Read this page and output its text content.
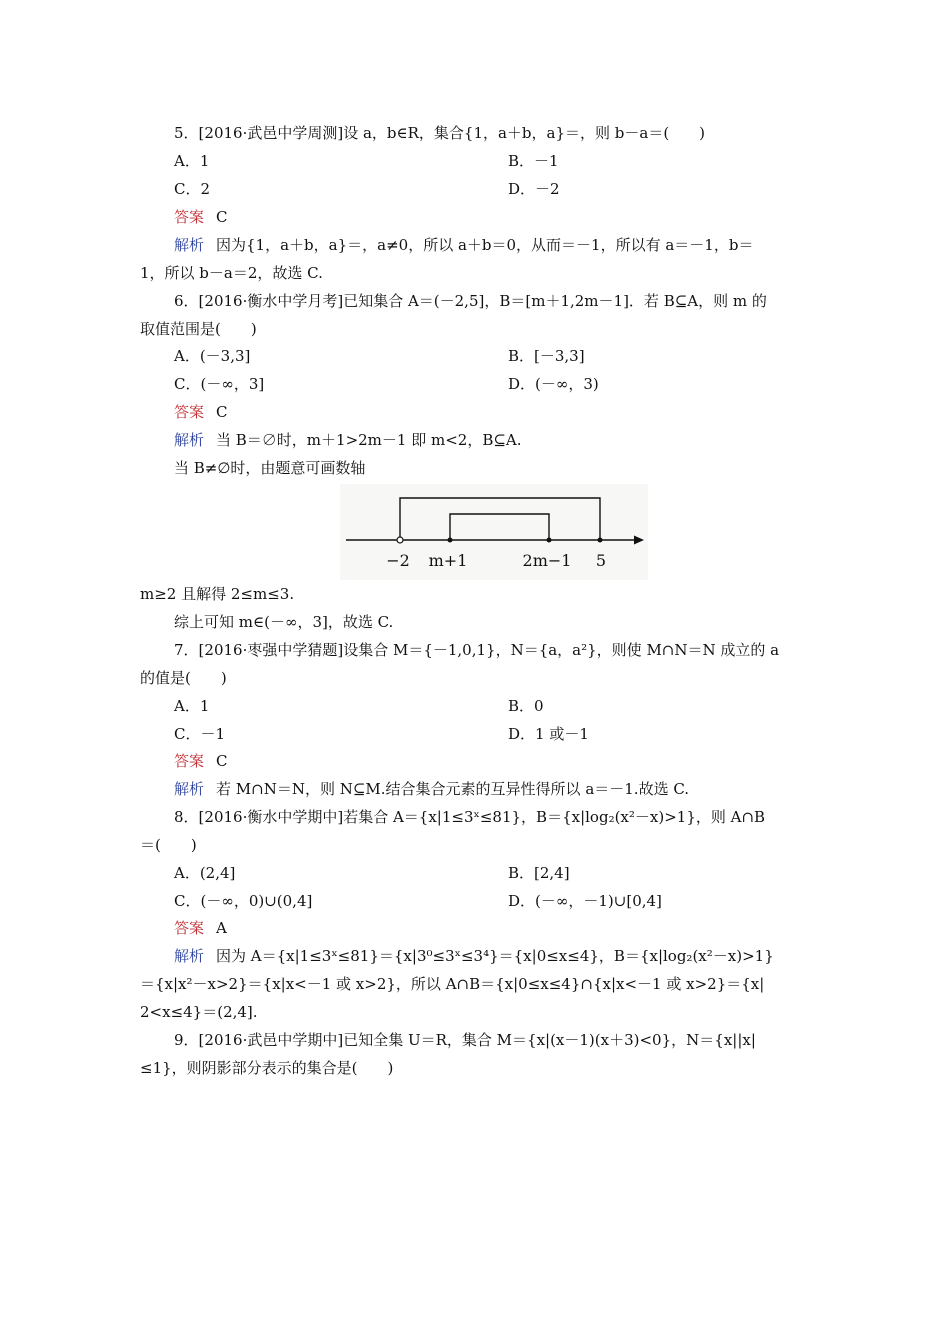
5．[2016·武邑中学周测]设 a，b∈R，集合{1，a＋b，a}＝，则 b－a＝(　　)
A．1	B．－1
C．2	D．－2
答案 C
解析 因为{1，a＋b，a}＝，a≠0，所以 a＋b＝0，从而＝－1，所以有 a＝－1，b＝
1，所以 b－a＝2，故选 C.
6．[2016·衡水中学月考]已知集合 A＝(－2,5]，B＝[m＋1,2m－1]．若 B⊆A，则 m 的
取值范围是(　　)
A．(－3,3]	B．[－3,3]
C．(－∞，3]	D．(－∞，3)
答案 C
解析 当 B＝∅时，m＋1>2m－1 即 m<2，B⊆A.
当 B≠∅时，由题意可画数轴
−2 m+1	2m−1 5
m≥2 且解得 2≤m≤3.
综上可知 m∈(－∞，3]，故选 C.
7．[2016·枣强中学猜题]设集合 M＝{－1,0,1}，N＝{a，a²}，则使 M∩N＝N 成立的 a
的值是(　　)
A．1	B．0
C．－1	D．1 或－1
答案 C
解析 若 M∩N＝N，则 N⊆M.结合集合元素的互异性得所以 a＝－1.故选 C.
8．[2016·衡水中学期中]若集合 A＝{x|1≤3ˣ≤81}，B＝{x|log₂(x²－x)>1}，则 A∩B
＝(　　)
A．(2,4]	B．[2,4]
C．(－∞，0)∪(0,4]	D．(－∞，－1)∪[0,4]
答案 A
解析 因为 A＝{x|1≤3ˣ≤81}＝{x|3⁰≤3ˣ≤3⁴}＝{x|0≤x≤4}，B＝{x|log₂(x²－x)>1}
＝{x|x²－x>2}＝{x|x<－1 或 x>2}，所以 A∩B＝{x|0≤x≤4}∩{x|x<－1 或 x>2}＝{x|
2<x≤4}＝(2,4].
9．[2016·武邑中学期中]已知全集 U＝R，集合 M＝{x|(x－1)(x＋3)<0}，N＝{x||x|
≤1}，则阴影部分表示的集合是(　　)
